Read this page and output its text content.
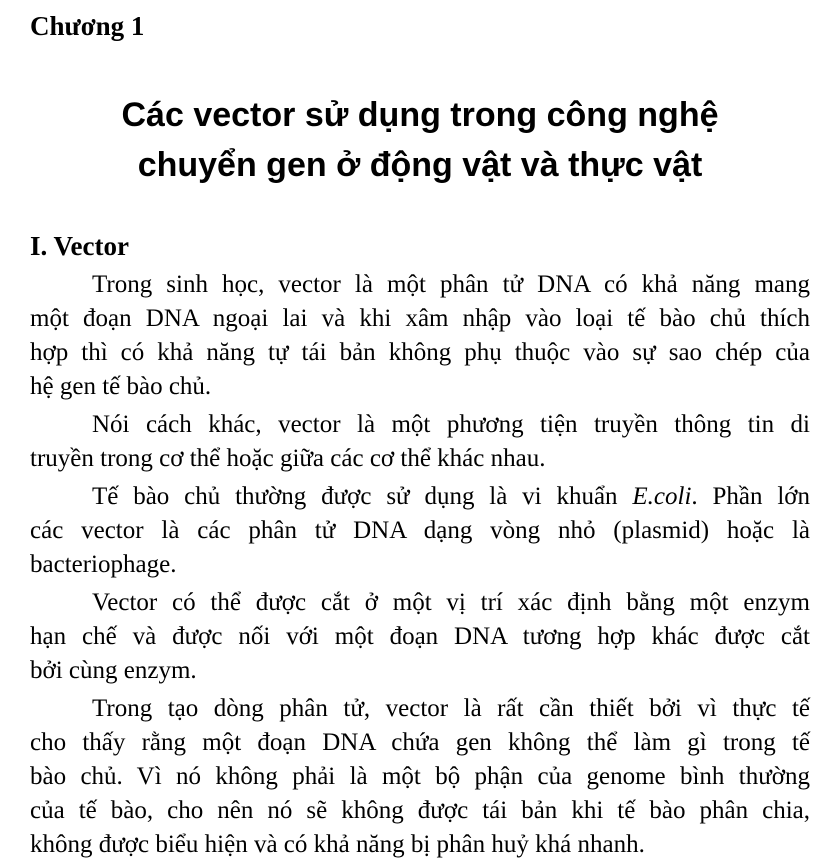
Chương 1
Các vector sử dụng trong công nghệ
chuyển gen ở động vật và thực vật
I. Vector

Trong sinh học, vector là một phân tử DNA có khả năng mang
một đoạn DNA ngoại lai và khi xâm nhập vào loại tế bào chủ thích
hợp thì có khả năng tự tái bản không phụ thuộc vào sự sao chép của
hệ gen tế bào chủ.

Nói cách khác, vector là một phương tiện truyền thông tin di
truyền trong cơ thể hoặc giữa các cơ thể khác nhau.

Tế bào chủ thường được sử dụng là vi khuẩn E.coli. Phần lớn
các vector là các phân tử DNA dạng vòng nhỏ (plasmid) hoặc là
bacteriophage.

Vector có thể được cắt ở một vị trí xác định bằng một enzym
hạn chế và được nối với một đoạn DNA tương hợp khác được cắt
bởi cùng enzym.

Trong tạo dòng phân tử, vector là rất cần thiết bởi vì thực tế
cho thấy rằng một đoạn DNA chứa gen không thể làm gì trong tế
bào chủ. Vì nó không phải là một bộ phận của genome bình thường
của tế bào, cho nên nó sẽ không được tái bản khi tế bào phân chia,
không được biểu hiện và có khả năng bị phân huỷ khá nhanh.
